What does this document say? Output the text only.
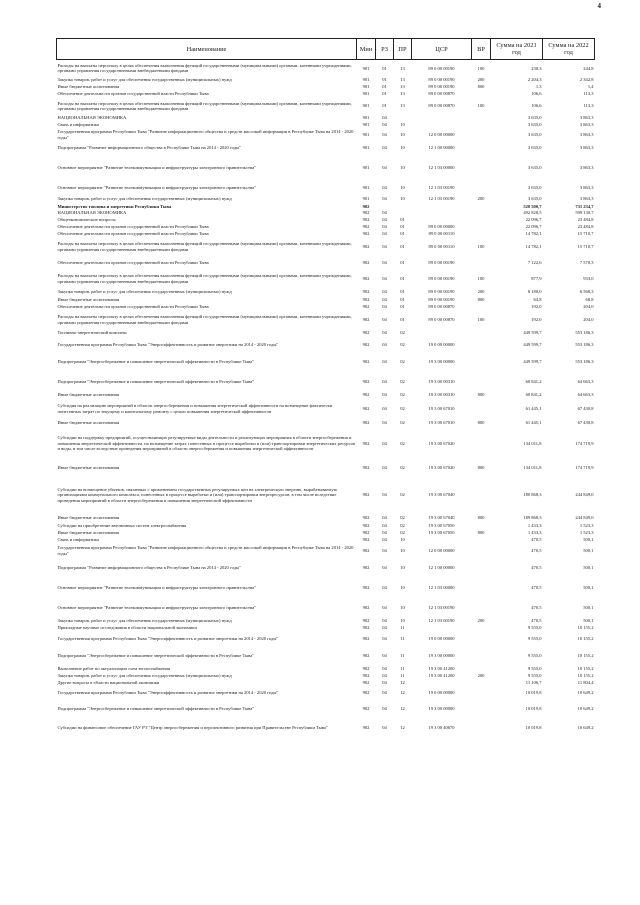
4
Наименование	Мин	РЗ	ПР	ЦСР	ВР	Сумма на 2021 год	Сумма на 2022 год
Расходы на выплаты персоналу в целях обеспечения выполнения функций государственными (муниципальными) органами, казенными учреждениями, органами управления государственными внебюджетными фондами	901	01	13	89 0 00 00190	100	230,3	244,8
Закупка товаров, работ и услуг для обеспечения государственных (муниципальных) нужд	901	01	13	89 0 00 00190	200	2 204,3	2 342,8
Иные бюджетные ассигнования	901	01	13	89 0 00 00190	800	1,3	1,4
Обеспечение деятельности органов государственной власти Республики Тыва	901	01	13	89 0 00 00870		106,6	113,3
Расходы на выплаты персоналу в целях обеспечения выполнения функций государственными (муниципальными) органами, казенными учреждениями, органами управления государственными внебюджетными фондами	901	01	13	89 0 00 00870	100	106,6	113,3
НАЦИОНАЛЬНАЯ ЭКОНОМИКА	901	04				3 635,0	3 863,3
Связь и информатика	901	04	10			3 635,0	3 863,3
Государственная программа Республики Тыва "Развитие информационного общества и средств массовой информации в Республике Тыва на 2014 - 2020 годы"	901	04	10	12 0 00 00000		3 635,0	3 863,3
Подпрограмма "Развитие информационного общества в Республике Тыва на 2014 - 2020 годы"	901	04	10	12 1 00 00000		3 635,0	3 863,3
Основное мероприятие "Развитие телекоммуникации и инфраструктуры электронного правительства"	901	04	10	12 1 03 00000		3 635,0	3 863,3
Основное мероприятие "Развитие телекоммуникации и инфраструктуры электронного правительства"	901	04	10	12 1 03 00190		3 635,0	3 863,3
Закупка товаров, работ и услуг для обеспечения государственных (муниципальных) нужд	901	04	10	12 1 03 00190	200	3 635,0	3 863,3
Министерство топлива и энергетики Республики Тыва	902					520 500,7	731 234,7
НАЦИОНАЛЬНАЯ ЭКОНОМИКА	902	04				492 828,5	599 130,7
Общеэкономические вопросы	902	04	01			22 096,7	23 484,8
Обеспечение деятельности органов государственной власти Республики Тыва	902	04	01	89 0 00 00000		22 096,7	23 484,8
Обеспечение деятельности органов государственной власти Республики Тыва	902	04	01	89 0 00 00110		14 782,1	15 710,7
Расходы на выплаты персоналу в целях обеспечения выполнения функций государственными (муниципальными) органами, казенными учреждениями, органами управления государственными внебюджетными фондами	902	04	01	89 0 00 00110	100	14 782,1	15 710,7
Обеспечение деятельности органов государственной власти Республики Тыва	902	04	01	89 0 00 00190		7 122,6	7 570,3
Расходы на выплаты персоналу в целях обеспечения выполнения функций государственными (муниципальными) органами, казенными учреждениями, органами управления государственными внебюджетными фондами	902	04	01	89 0 00 00190	100	877,9	933,0
Закупка товаров, работ и услуг для обеспечения государственных (муниципальных) нужд	902	04	01	89 0 00 00190	200	6 180,0	6 568,3
Иные бюджетные ассигнования	902	04	01	89 0 00 00190	800	64,8	68,8
Обеспечение деятельности органов государственной власти Республики Тыва	902	04	01	89 0 00 00870		192,0	204,0
Расходы на выплаты персоналу в целях обеспечения выполнения функций государственными (муниципальными) органами, казенными учреждениями, органами управления государственными внебюджетными фондами	902	04	01	89 0 00 00870	100	192,0	204,0
Топливно-энергетический комплекс	902	04	02			449 599,7	553 186,3
Государственная программа Республики Тыва "Энергоэффективность и развитие энергетики на 2014 - 2020 годы"	902	04	02	19 0 00 00000		449 599,7	553 186,3
Подпрограмма "Энергосбережение и повышение энергетической эффективности в Республике Тыва"	902	04	02	19 3 00 00000		449 599,7	553 186,3
Подпрограмма "Энергосбережение и повышение энергетической эффективности в Республике Тыва"	902	04	02	19 3 00 00310		60 841,2	64 663,3
Иные бюджетные ассигнования	902	04	02	19 3 00 00310	800	60 841,2	64 663,3
Субсидия на реализацию мероприятий в области энергосбережения и повышения энергетической эффективности на возмещение фактически понесенных затрат по текущему и капитальному ремонту с целью повышения энергетической эффективности	902	04	02	19 3 00 67010		61 445,1	67 430,8
Иные бюджетные ассигнования	902	04	02	19 3 00 67010	800	61 445,1	67 430,8
Субсидии на поддержку предприятий, осуществляющих регулируемые виды деятельности и реализующих мероприятия в области энергосбережения и повышения энергетической эффективности, на возмещение затрат, понесенных в процессе выработки и (или) транспортировки энергетических ресурсов и воды, в том числе вследствие проведения мероприятий в области энергосбережения и повышения энергетической эффективности	902	04	02	19 3 00 67020		134 011,8	174 719,9
Иные бюджетные ассигнования	902	04	02	19 3 00 67020	800	134 011,8	174 719,9
Субсидии на возмещение убытков, связанных с применением государственных регулируемых цен на электрическую энергию, вырабатываемую организациями коммунального комплекса, понесенных в процессе выработки и (или) транспортировки энергоресурсов, в том числе вследствие проведения мероприятий в области энергосбережения и повышения энергетической эффективности	902	04	02	19 3 00 67040		180 868,3	244 849,0
Иные бюджетные ассигнования	902	04	02	19 3 00 67040	800	189 868,3	244 849,0
Субсидии на приобретение автономных систем электроснабжения	902	04	02	19 3 00 67050		1 433,3	1 523,3
Иные бюджетные ассигнования	902	04	02	19 3 00 67050	800	1 433,3	1 523,3
Связь и информатика	902	04	10			470,5	500,1
Государственная программа Республики Тыва "Развитие информационного общества и средств массовой информации в Республике Тыва на 2014 - 2020 годы"	902	04	10	12 0 00 00000		470,5	500,1
Подпрограмма "Развитие информационного общества в Республике Тыва на 2014 - 2020 годы"	902	04	10	12 1 00 00000		470,5	500,1
Основное мероприятие "Развитие телекоммуникации и инфраструктуры электронного правительства"	902	04	10	12 1 03 00000		470,5	500,1
Основное мероприятие "Развитие телекоммуникации и инфраструктуры электронного правительства"	902	04	10	12 1 03 00190		470,5	500,1
Закупка товаров, работ и услуг для обеспечения государственных (муниципальных) нужд	902	04	10	12 1 03 00190	200	470,5	500,1
Прикладные научные исследования в области национальной экономики	902	04	11			9 555,0	10 155,2
Государственная программа Республики Тыва "Энергоэффективность и развитие энергетики на 2014 - 2020 годы"	902	04	11	19 0 00 00000		9 555,0	10 155,2
Подпрограмма "Энергосбережение и повышение энергетической эффективности в Республике Тыва"	902	04	11	19 3 00 00000		9 555,0	10 155,2
Выполнение работ по актуализации схем теплоснабжения	902	04	11	19 3 00 41200		9 555,0	10 155,2
Закупка товаров, работ и услуг для обеспечения государственных (муниципальных) нужд	902	04	11	19 3 00 41200	200	9 555,0	10 155,2
Другие вопросы в области национальной экономики	902	04	12			11 106,7	11 804,4
Государственная программа Республики Тыва "Энергоэффективность и развитие энергетики на 2014 - 2020 годы"	902	04	12	19 0 00 00000		10 019,8	10 649,2
Подпрограмма "Энергосбережение и повышение энергетической эффективности в Республике Тыва"	902	04	12	19 3 00 00000		10 019,8	10 649,2
Субсидии на финансовое обеспечение ГАУ РТ "Центр энергосбережения и перспективного развития при Правительстве Республики Тыва"	902	04	12	19 3 00 40670		10 019,8	10 649,2
